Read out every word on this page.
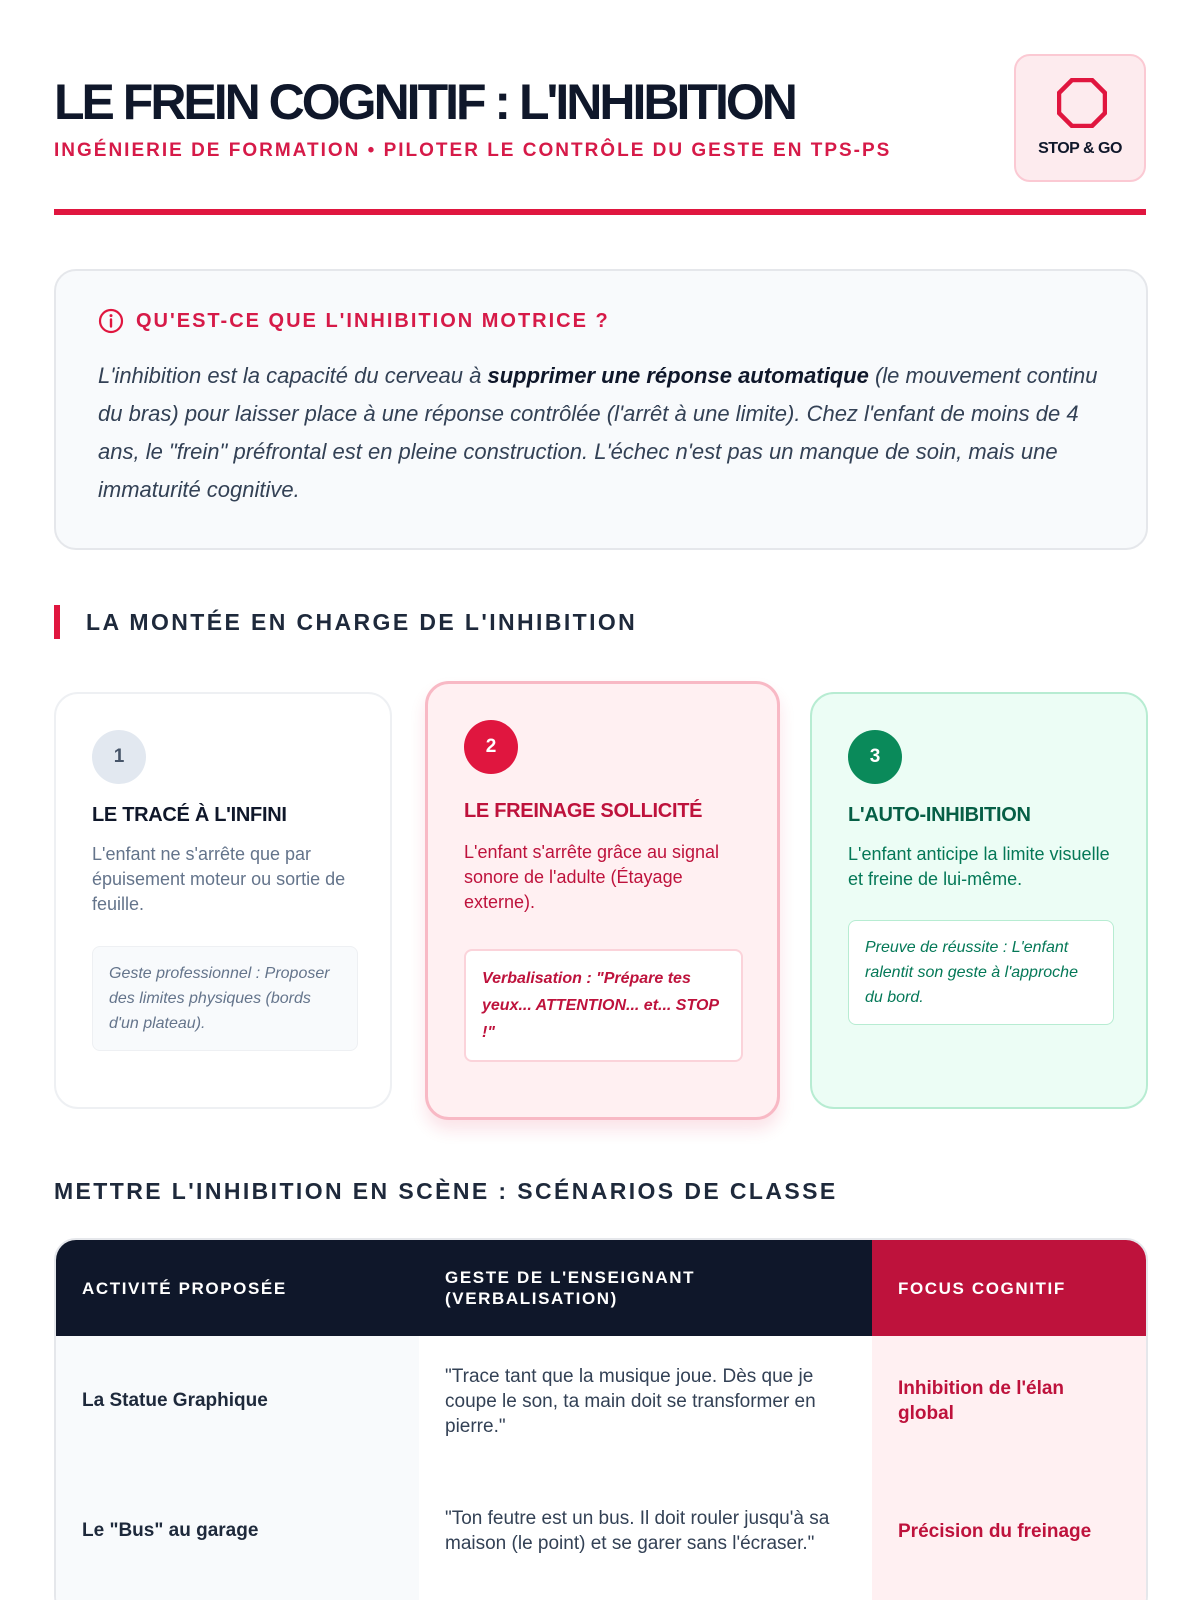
LE FREIN COGNITIF : L'INHIBITION
INGÉNIERIE DE FORMATION • PILOTER LE CONTRÔLE DU GESTE EN TPS-PS	STOP & GO
QU'EST-CE QUE L'INHIBITION MOTRICE ?

L'inhibition est la capacité du cerveau à supprimer une réponse automatique (le mouvement continu du bras) pour laisser place à une réponse contrôlée (l'arrêt à une limite). Chez l'enfant de moins de 4 ans, le "frein" préfrontal est en pleine construction. L'échec n'est pas un manque de soin, mais une immaturité cognitive.

LA MONTÉE EN CHARGE DE L'INHIBITION
1
LE TRACÉ À L'INFINI

L'enfant ne s'arrête que par épuisement moteur ou sortie de feuille.

Geste professionnel : Proposer des limites physiques (bords d'un plateau).
2
LE FREINAGE SOLLICITÉ

L'enfant s'arrête grâce au signal sonore de l'adulte (Étayage externe).

Verbalisation : "Prépare tes yeux... ATTENTION... et... STOP !"
3
L'AUTO-INHIBITION

L'enfant anticipe la limite visuelle et freine de lui-même.

Preuve de réussite : L'enfant ralentit son geste à l'approche du bord.
METTRE L'INHIBITION EN SCÈNE : SCÉNARIOS DE CLASSE
ACTIVITÉ PROPOSÉE
GESTE DE L'ENSEIGNANT (VERBALISATION)
FOCUS COGNITIF
La Statue Graphique
"Trace tant que la musique joue. Dès que je coupe le son, ta main doit se transformer en pierre."
Inhibition de l'élan global
Le "Bus" au garage
"Ton feutre est un bus. Il doit rouler jusqu'à sa maison (le point) et se garer sans l'écraser."
Précision du freinage
